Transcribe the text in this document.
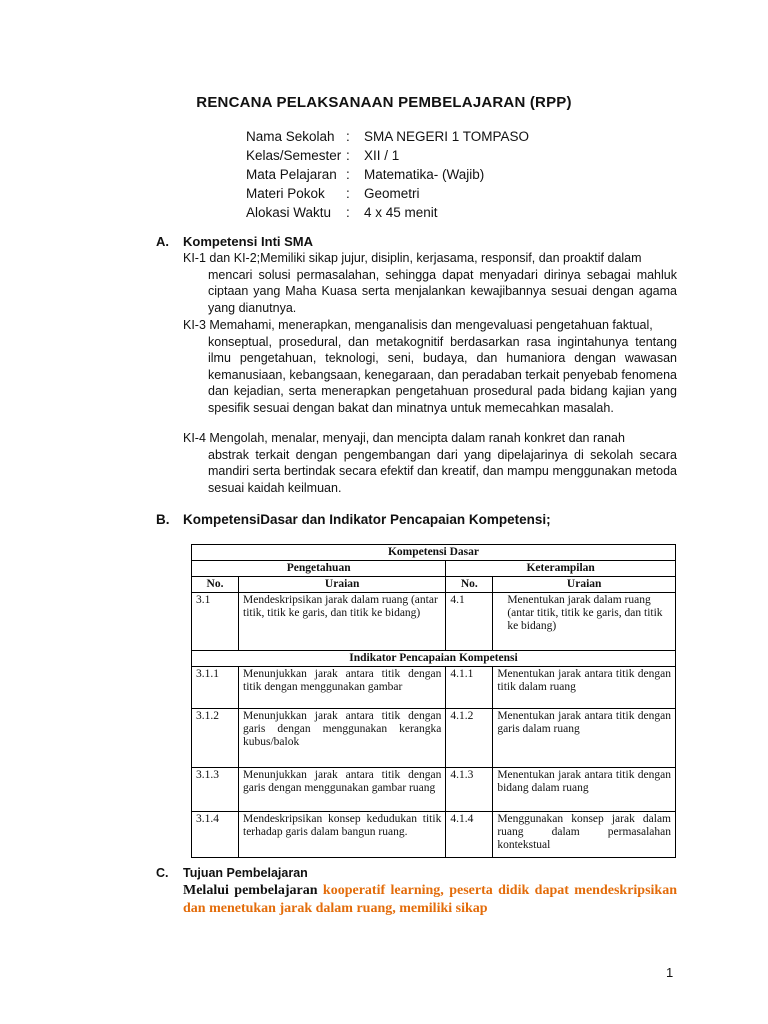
RENCANA PELAKSANAAN PEMBELAJARAN (RPP)
Nama Sekolah :	SMA NEGERI 1 TOMPASO
Kelas/Semester :	XII / 1
Mata Pelajaran :	Matematika- (Wajib)
Materi Pokok	:	Geometri
Alokasi Waktu	:	4 x 45 menit
A. Kompetensi Inti SMA
KI-1 dan KI-2;Memiliki sikap jujur, disiplin, kerjasama, responsif, dan proaktif dalam
mencari solusi permasalahan, sehingga dapat menyadari dirinya sebagai mahluk ciptaan yang Maha Kuasa serta menjalankan kewajibannya sesuai dengan agama yang dianutnya.
KI-3 Memahami, menerapkan, menganalisis dan mengevaluasi pengetahuan faktual,
konseptual, prosedural, dan metakognitif berdasarkan rasa ingintahunya tentang ilmu pengetahuan, teknologi, seni, budaya, dan humaniora dengan wawasan kemanusiaan, kebangsaan, kenegaraan, dan peradaban terkait penyebab fenomena dan kejadian, serta menerapkan pengetahuan prosedural pada bidang kajian yang spesifik sesuai dengan bakat dan minatnya untuk memecahkan masalah.
KI-4 Mengolah, menalar, menyaji, dan mencipta dalam ranah konkret dan ranah
abstrak terkait dengan pengembangan dari yang dipelajarinya di sekolah secara mandiri serta bertindak secara efektif dan kreatif, dan mampu menggunakan metoda sesuai kaidah keilmuan.
B. KompetensiDasar dan Indikator Pencapaian Kompetensi;
Kompetensi Dasar			
Pengetahuan		Keterampilan	
No.	Uraian	No.	Uraian
3.1	Mendeskripsikan jarak dalam ruang (antar titik, titik ke garis, dan titik ke bidang)	4.1	Menentukan jarak dalam ruang (antar titik, titik ke garis, dan titik ke bidang)
Indikator Pencapaian Kompetensi			
3.1.1	Menunjukkan jarak antara titik dengan titik dengan menggunakan gambar	4.1.1	Menentukan jarak antara titik dengan titik dalam ruang
3.1.2	Menunjukkan jarak antara titik dengan garis dengan menggunakan kerangka kubus/balok	4.1.2	Menentukan jarak antara titik dengan garis dalam ruang
3.1.3	Menunjukkan jarak antara titik dengan garis dengan menggunakan gambar ruang	4.1.3	Menentukan jarak antara titik dengan bidang dalam ruang
3.1.4	Mendeskripsikan konsep kedudukan titik terhadap garis dalam bangun ruang.	4.1.4	Menggunakan konsep jarak dalam ruang dalam permasalahan kontekstual
C. Tujuan Pembelajaran
Melalui pembelajaran kooperatif learning, peserta didik dapat mendeskripsikan dan menetukan jarak dalam ruang, memiliki sikap
1
